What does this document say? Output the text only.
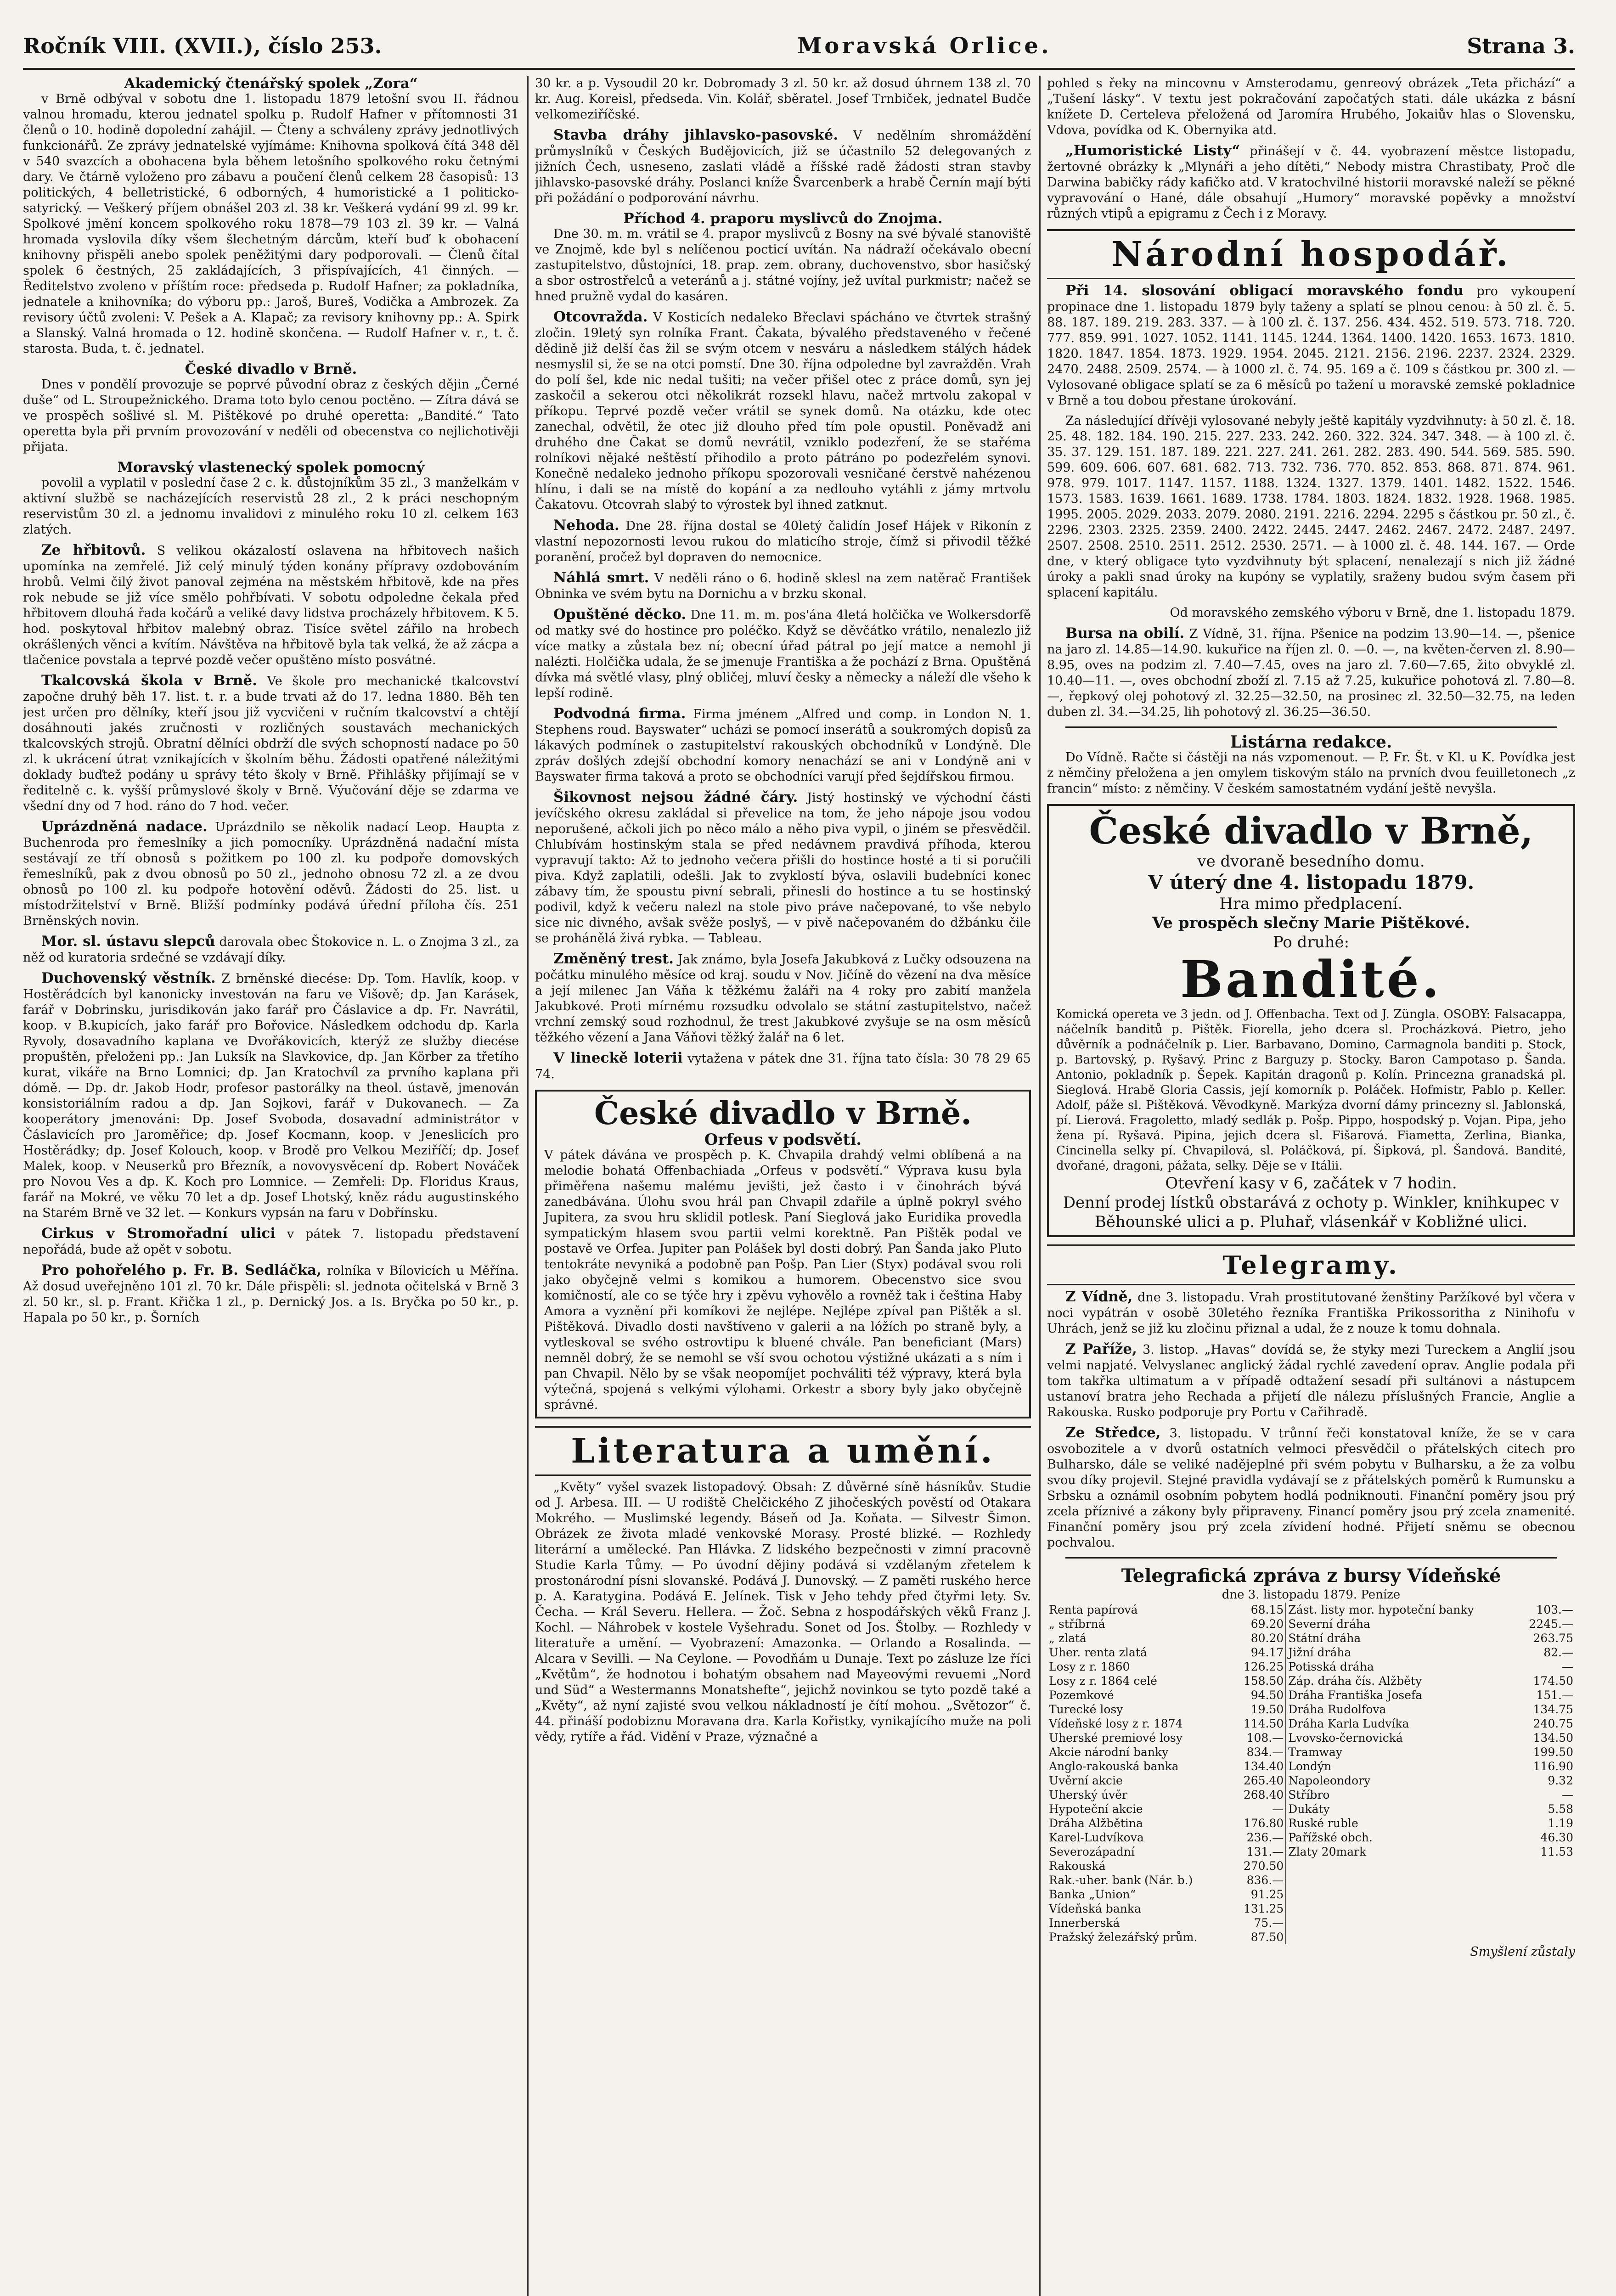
Ročník VIII. (XVII.), číslo 253.	Moravská Orlice.	Strana 3.
Akademický čtenářský spolek „Zora“

v Brně odbýval v sobotu dne 1. listopadu 1879 letošní svou II. řádnou valnou hromadu, kterou jednatel spolku p. Rudolf Hafner v přítomnosti 31 členů o 10. hodině dopolední zahájil. — Čteny a schváleny zprávy jednotlivých funkcionářů. Ze zprávy jednatelské vyjímáme: Knihovna spolková čítá 348 děl v 540 svazcích a obohacena byla během letošního spolkového roku četnými dary. Ve čtárně vyloženo pro zábavu a poučení členů celkem 28 časopisů: 13 politických, 4 belletristické, 6 odborných, 4 humoristické a 1 politicko-satyrický. — Veškerý příjem obnášel 203 zl. 38 kr. Veškerá vydání 99 zl. 99 kr. Spolkové jmění koncem spolkového roku 1878—79 103 zl. 39 kr. — Valná hromada vyslovila díky všem šlechetným dárcům, kteří buď k obohacení knihovny přispěli anebo spolek peněžitými dary podporovali. — Členů čítal spolek 6 čestných, 25 zakládajících, 3 přispívajících, 41 činných. — Ředitelstvo zvoleno v příštím roce: předseda p. Rudolf Hafner; za pokladníka, jednatele a knihovníka; do výboru pp.: Jaroš, Bureš, Vodička a Ambrozek. Za revisory účtů zvoleni: V. Pešek a A. Klapač; za revisory knihovny pp.: A. Spirk a Slanský. Valná hromada o 12. hodině skončena. — Rudolf Hafner v. r., t. č. starosta. Buda, t. č. jednatel.

České divadlo v Brně.

Dnes v pondělí provozuje se poprvé původní obraz z českých dějin „Černé duše“ od L. Stroupežnického. Drama toto bylo cenou poctěno. — Zítra dává se ve prospěch sošlivé sl. M. Pištěkové po druhé operetta: „Bandité.“ Tato operetta byla při prvním provozování v neděli od obecenstva co nejlichotivěji přijata.

Moravský vlastenecký spolek pomocný

povolil a vyplatil v poslední čase 2 c. k. důstojníkům 35 zl., 3 manželkám v aktivní službě se nacházejících reservistů 28 zl., 2 k práci neschopným reservistům 30 zl. a jednomu invalidovi z minulého roku 10 zl. celkem 163 zlatých.

Ze hřbitovů. S velikou okázalostí oslavena na hřbitovech našich upomínka na zemřelé. Již celý minulý týden konány přípravy ozdobováním hrobů. Velmi čilý život panoval zejména na městském hřbitově, kde na přes rok nebude se již více smělo pohřbívati. V sobotu odpoledne čekala před hřbitovem dlouhá řada kočárů a veliké davy lidstva procházely hřbitovem. K 5. hod. poskytoval hřbitov malebný obraz. Tisíce světel zářilo na hrobech okrášlených věnci a kvítím. Návštěva na hřbitově byla tak velká, že až zácpa a tlačenice povstala a teprvé pozdě večer opuštěno místo posvátné.

Tkalcovská škola v Brně. Ve škole pro mechanické tkalcovství započne druhý běh 17. list. t. r. a bude trvati až do 17. ledna 1880. Běh ten jest určen pro dělníky, kteří jsou již vycvičeni v ručním tkalcovství a chtějí dosáhnouti jakés zručnosti v rozličných soustavách mechanických tkalcovských strojů. Obratní dělníci obdrží dle svých schopností nadace po 50 zl. k ukrácení útrat vznikajících v školním běhu. Žádosti opatřené náležitými doklady buďtež podány u správy této školy v Brně. Přihlášky přijímají se v ředitelně c. k. vyšší průmyslové školy v Brně. Výučování děje se zdarma ve všední dny od 7 hod. ráno do 7 hod. večer.

Uprázdněná nadace. Uprázdnilo se několik nadací Leop. Haupta z Buchenroda pro řemeslníky a jich pomocníky. Uprázdněná nadační místa sestávají ze tří obnosů s požitkem po 100 zl. ku podpoře domovských řemeslníků, pak z dvou obnosů po 50 zl., jednoho obnosu 72 zl. a ze dvou obnosů po 100 zl. ku podpoře hotovění oděvů. Žádosti do 25. list. u místodržitelství v Brně. Bližší podmínky podává úřední příloha čís. 251 Brněnských novin.

Mor. sl. ústavu slepců darovala obec Štokovice n. L. o Znojma 3 zl., za něž od kuratoria srdečné se vzdávají díky.

Duchovenský věstník. Z brněnské diecése: Dp. Tom. Havlík, koop. v Hostěrádcích byl kanonicky investován na faru ve Višově; dp. Jan Karásek, farář v Dobrinsku, jurisdikován jako farář pro Čáslavice a dp. Fr. Navrátil, koop. v B.kupicích, jako farář pro Bořovice. Následkem odchodu dp. Karla Ryvoly, dosavadního kaplana ve Dvořákovicích, kterýž ze služby diecése propuštěn, přeloženi pp.: Jan Luksík na Slavkovice, dp. Jan Körber za třetího kurat, vikáře na Brno Lomnici; dp. Jan Kratochvíl za prvního kaplana při dómě. — Dp. dr. Jakob Hodr, profesor pastorálky na theol. ústavě, jmenován konsistoriálním radou a dp. Jan Sojkovi, farář v Dukovanech. — Za kooperátory jmenováni: Dp. Josef Svoboda, dosavadní administrátor v Čáslavicích pro Jaroměřice; dp. Josef Kocmann, koop. v Jeneslicích pro Hostěrádky; dp. Josef Kolouch, koop. v Brodě pro Velkou Meziříčí; dp. Josef Malek, koop. v Neuserků pro Březník, a novovysvěcení dp. Robert Nováček pro Novou Ves a dp. K. Koch pro Lomnice. — Zemřeli: Dp. Floridus Kraus, farář na Mokré, ve věku 70 let a dp. Josef Lhotský, kněz rádu augustinského na Starém Brně ve 32 let. — Konkurs vypsán na faru v Dobřínsku.

Cirkus v Stromořadní ulici v pátek 7. listopadu představení nepořádá, bude až opět v sobotu.

Pro pohořelého p. Fr. B. Sedláčka, rolníka v Bílovicích u Měřína. Až dosud uveřejněno 101 zl. 70 kr. Dále přispěli: sl. jednota očitelská v Brně 3 zl. 50 kr., sl. p. Frant. Křička 1 zl., p. Dernický Jos. a Is. Bryčka po 50 kr., p. Hapala po 50 kr., p. Šorních

30 kr. a p. Vysoudil 20 kr. Dobromady 3 zl. 50 kr. až dosud úhrnem 138 zl. 70 kr. Aug. Koreisl, předseda. Vin. Kolář, sběratel. Josef Trnbiček, jednatel Budče velkomeziříčské.

Stavba dráhy jihlavsko-pasovské. V nedělním shromáždění průmyslníků v Českých Budějovicích, již se účastnilo 52 delegovaných z jižních Čech, usneseno, zaslati vládě a říšské radě žádosti stran stavby jihlavsko-pasovské dráhy. Poslanci kníže Švarcenberk a hrabě Černín mají býti při požádání o podporování návrhu.

Příchod 4. praporu myslivců do Znojma.

Dne 30. m. m. vrátil se 4. prapor myslivců z Bosny na své bývalé stanoviště ve Znojmě, kde byl s nelíčenou pocticí uvítán. Na nádraží očekávalo obecní zastupitelstvo, důstojníci, 18. prap. zem. obrany, duchovenstvo, sbor hasičský a sbor ostrostřelců a veteránů a j. státné vojíny, jež uvítal purkmistr; načež se hned pružně vydal do kasáren.

Otcovražda. V Kosticích nedaleko Břeclavi spácháno ve čtvrtek strašný zločin. 19letý syn rolníka Frant. Čakata, bývalého představeného v řečené dědině již delší čas žil se svým otcem v nesváru a následkem stálých hádek nesmyslil si, že se na otci pomstí. Dne 30. října odpoledne byl zavražděn. Vrah do polí šel, kde nic nedal tušiti; na večer přišel otec z práce domů, syn jej zaskočil a sekerou otci několikrát rozsekl hlavu, načež mrtvolu zakopal v příkopu. Teprvé pozdě večer vrátil se synek domů. Na otázku, kde otec zanechal, odvětil, že otec již dlouho před tím pole opustil. Poněvadž ani druhého dne Čakat se domů nevrátil, vzniklo podezření, že se stařéma rolníkovi nějaké neštěstí přihodilo a proto pátráno po podezřelém synovi. Konečně nedaleko jednoho příkopu spozorovali vesničané čerstvě nahézenou hlínu, i dali se na místě do kopání a za nedlouho vytáhli z jámy mrtvolu Čakatovu. Otcovrah slabý to výrostek byl ihned zatknut.

Nehoda. Dne 28. října dostal se 40letý čalidín Josef Hájek v Rikonín z vlastní nepozornosti levou rukou do mlaticího stroje, čímž si přivodil těžké poranění, pročež byl dopraven do nemocnice.

Náhlá smrt. V neděli ráno o 6. hodině sklesl na zem natěrač František Obninka ve svém bytu na Dornichu a v brzku skonal.

Opuštěné děcko. Dne 11. m. m. pos'ána 4letá holčička ve Wolkersdorfě od matky své do hostince pro poléčko. Když se děvčátko vrátilo, nenalezlo již více matky a zůstala bez ní; obecní úřad pátral po její matce a nemohl ji nalézti. Holčička udala, že se jmenuje Františka a že pochází z Brna. Opuštěná dívka má světlé vlasy, plný obličej, mluví česky a německy a náleží dle všeho k lepší rodině.

Podvodná firma. Firma jménem „Alfred und comp. in London N. 1. Stephens roud. Bayswater“ ucházi se pomocí inserátů a soukromých dopisů za lákavých podmínek o zastupitelství rakouských obchodníků v Londýně. Dle zpráv došlých zdejší obchodní komory nenachází se ani v Londýně ani v Bayswater firma taková a proto se obchodníci varují před šejdířskou firmou.

Šikovnost nejsou žádné čáry. Jistý hostinský ve východní části jevíčského okresu zakládal si převelice na tom, že jeho nápoje jsou vodou neporušené, ačkoli jich po něco málo a něho piva vypil, o jiném se přesvědčil. Chlubívám hostinským stala se před nedávnem pravdivá příhoda, kterou vypravují takto: Až to jednoho večera přišli do hostince hosté a ti si poručili piva. Když zaplatili, odešli. Jak to zvyklostí býva, oslavili budebníci konec zábavy tím, že spoustu pivní sebrali, přinesli do hostince a tu se hostinský podivil, když k večeru nalezl na stole pivo práve načepované, to vše nebylo sice nic divného, avšak svěže poslyš, — v pivě načepovaném do džbánku čile se prohánělá živá rybka. — Tableau.

Změněný trest. Jak známo, byla Josefa Jakubková z Lučky odsouzena na počátku minulého měsíce od kraj. soudu v Nov. Jičíně do vězení na dva měsíce a její milenec Jan Váňa k těžkému žaláři na 4 roky pro zabití manžela Jakubkové. Proti mírnému rozsudku odvolalo se státní zastupitelstvo, načež vrchní zemský soud rozhodnul, že trest Jakubkové zvyšuje se na osm měsíců těžkého vězení a Jana Váňovi těžký žalář na 6 let.

V lineckě loterii vytažena v pátek dne 31. října tato čísla: 30 78 29 65 74.

České divadlo v Brně.
Orfeus v podsvětí.

V pátek dávána ve prospěch p. K. Chvapila drahdý velmi oblíbená a na melodie bohatá Offenbachiada „Orfeus v podsvětí.“ Výprava kusu byla přiměřena našemu malému jevišti, jež často i v činohrách bývá zanedbávána. Úlohu svou hrál pan Chvapil zdařile a úplně pokryl svého Jupitera, za svou hru sklidil potlesk. Paní Sieglová jako Euridika provedla sympatickým hlasem svou partii velmi korektně. Pan Pištěk podal ve postavě ve Orfea. Jupiter pan Polášek byl dosti dobrý. Pan Šanda jako Pluto tentokráte nevyniká a podobně pan Pošp. Pan Lier (Styx) podával svou roli jako obyčejně velmi s komikou a humorem. Obecenstvo sice svou komičností, ale co se týče hry i zpěvu vyhovělo a rovněž tak i čeština Haby Amora a vyznění při komíkovi že nejlépe. Nejlépe zpíval pan Pištěk a sl. Pištěková. Divadlo dosti navštíveno v galerii a na lóžích po straně byly, a vytleskoval se svého ostrovtipu k bluené chvále. Pan beneficiant (Mars) nemněl dobrý, že se nemohl se vší svou ochotou výstižné ukázati a s ním i pan Chvapil. Nělo by se však neopomíjet pochváliti též výpravy, která byla výtečná, spojená s velkými výlohami. Orkestr a sbory byly jako obyčejně správné.

Literatura a umění.

„Květy“ vyšel svazek listopadový. Obsah: Z důvěrné síně hásníkův. Studie od J. Arbesa. III. — U rodiště Chelčického Z jihočeských pověstí od Otakara Mokrého. — Muslimské legendy. Báseň od Ja. Koňata. — Silvestr Šimon. Obrázek ze života mladé venkovské Morasy. Prosté blizké. — Rozhledy literární a umělecké. Pan Hlávka. Z lidského bezpečnosti v zimní pracovně Studie Karla Tůmy. — Po úvodní dějiny podává si vzdělaným zřetelem k prostonárodní písni slovanské. Podává J. Dunovský. — Z paměti ruského herce p. A. Karatygina. Podává E. Jelínek. Tisk v Jeho tehdy před čtyřmi lety. Sv. Čecha. — Král Severu. Hellera. — Žoč. Sebna z hospodářských věků Franz J. Kochl. — Náhrobek v kostele Vyšehradu. Sonet od Jos. Štolby. — Rozhledy v literatuře a umění. — Vyobrazení: Amazonka. — Orlando a Rosalinda. — Alcara v Sevilli. — Na Ceylone. — Povodňám u Dunaje. Text po zásluze lze říci „Květům“, že hodnotou i bohatým obsahem nad Mayeovými revuemi „Nord und Süd“ a Westermanns Monatshefte“, jejichž novinkou se tyto pozdě také a „Květy“, až nyní zajisté svou velkou nákladností je čítí mohou. „Světozor“ č. 44. přináší podobiznu Moravana dra. Karla Kořistky, vynikajícího muže na poli vědy, rytíře a řád. Vidění v Praze, význačné a

pohled s řeky na mincovnu v Amsterodamu, genreový obrázek „Teta přichází“ a „Tušení lásky“. V textu jest pokračování započatých stati. dále ukázka z básní knížete D. Certeleva přeložená od Jaromíra Hrubého, Jokaiův hlas o Slovensku, Vdova, povídka od K. Obernyika atd.

„Humoristické Listy“ přinášejí v č. 44. vyobrazení městce listopadu, žertovné obrázky k „Mlynáři a jeho dítěti,“ Nebody mistra Chrastibaty, Proč dle Darwina babičky rády kafičko atd. V kratochvilné historii moravské naleží se pěkné vypravování o Hané, dále obsahují „Humory“ moravské popěvky a množství různých vtipů a epigramu z Čech i z Moravy.

Národní hospodář.

Při 14. slosování obligací moravského fondu pro vykoupení propinace dne 1. listopadu 1879 byly taženy a splatí se plnou cenou: à 50 zl. č. 5. 88. 187. 189. 219. 283. 337. — à 100 zl. č. 137. 256. 434. 452. 519. 573. 718. 720. 777. 859. 991. 1027. 1052. 1141. 1145. 1244. 1364. 1400. 1420. 1653. 1673. 1810. 1820. 1847. 1854. 1873. 1929. 1954. 2045. 2121. 2156. 2196. 2237. 2324. 2329. 2470. 2488. 2509. 2574. — à 1000 zl. č. 74. 95. 169 a č. 109 s částkou pr. 300 zl. — Vylosované obligace splatí se za 6 měsíců po tažení u moravské zemské pokladnice v Brně a tou dobou přestane úrokování.

Za následující dřívěji vylosované nebyly ještě kapitály vyzdvihnuty: à 50 zl. č. 18. 25. 48. 182. 184. 190. 215. 227. 233. 242. 260. 322. 324. 347. 348. — à 100 zl. č. 35. 37. 129. 151. 187. 189. 221. 227. 241. 261. 282. 283. 490. 544. 569. 585. 590. 599. 609. 606. 607. 681. 682. 713. 732. 736. 770. 852. 853. 868. 871. 874. 961. 978. 979. 1017. 1147. 1157. 1188. 1324. 1327. 1379. 1401. 1482. 1522. 1546. 1573. 1583. 1639. 1661. 1689. 1738. 1784. 1803. 1824. 1832. 1928. 1968. 1985. 1995. 2005. 2029. 2033. 2079. 2080. 2191. 2216. 2294. 2295 s částkou pr. 50 zl., č. 2296. 2303. 2325. 2359. 2400. 2422. 2445. 2447. 2462. 2467. 2472. 2487. 2497. 2507. 2508. 2510. 2511. 2512. 2530. 2571. — à 1000 zl. č. 48. 144. 167. — Orde dne, v který obligace tyto vyzdvihnuty být splacení, nenalezají s nich již žádné úroky a pakli snad úroky na kupóny se vyplatily, sraženy budou svým časem při splacení kapitálu.

Od moravského zemského výboru v Brně, dne 1. listopadu 1879.

Bursa na obilí. Z Vídně, 31. října. Pšenice na podzim 13.90—14. —, pšenice na jaro zl. 14.85—14.90. kukuřice na říjen zl. 0. —0. —, na květen-červen zl. 8.90—8.95, oves na podzim zl. 7.40—7.45, oves na jaro zl. 7.60—7.65, žito obvyklé zl. 10.40—11. —, oves obchodní zboží zl. 7.15 až 7.25, kukuřice pohotová zl. 7.80—8. —, řepkový olej pohotový zl. 32.25—32.50, na prosinec zl. 32.50—32.75, na leden duben zl. 34.—34.25, lih pohotový zl. 36.25—36.50.

Listárna redakce.

Do Vídně. Račte si částěji na nás vzpomenout. — P. Fr. Št. v Kl. u K. Povídka jest z němčiny přeložena a jen omylem tiskovým stálo na prvních dvou feuilletonech „z francin“ místo: z němčiny. V českém samostatném vydání ještě nevyšla.

České divadlo v Brně,
ve dvoraně besedního domu.
V úterý dne 4. listopadu 1879.
Hra mimo předplacení.
Ve prospěch slečny Marie Pištěkové.
Po druhé:
Bandité.

Komická opereta ve 3 jedn. od J. Offenbacha. Text od J. Züngla. OSOBY: Falsacappa, náčelník banditů p. Pištěk. Fiorella, jeho dcera sl. Procházková. Pietro, jeho důvěrník a podnáčelník p. Lier. Barbavano, Domino, Carmagnola banditi p. Stock, p. Bartovský, p. Ryšavý. Princ z Barguzy p. Stocky. Baron Campotaso p. Šanda. Antonio, pokladník p. Šepek. Kapitán dragonů p. Kolín. Princezna granadská pl. Sieglová. Hrabě Gloria Cassis, její komorník p. Poláček. Hofmistr, Pablo p. Keller. Adolf, páže sl. Pištěková. Věvodkyně. Markýza dvorní dámy princezny sl. Jablonská, pí. Lierová. Fragoletto, mladý sedlák p. Pošp. Pippo, hospodský p. Vojan. Pipa, jeho žena pí. Ryšavá. Pipina, jejich dcera sl. Fišarová. Fiametta, Zerlina, Bianka, Cincinella selky pí. Chvapilová, sl. Poláčková, pí. Šipková, pl. Šandová. Bandité, dvořané, dragoni, pážata, selky. Děje se v Itálii.

Otevření kasy v 6, začátek v 7 hodin.
Denní prodej lístků obstarává z ochoty p. Winkler, knihkupec v Běhounské ulici a p. Pluhař, vlásenkář v Kobližné ulici.
Telegramy.

Z Vídně, dne 3. listopadu. Vrah prostitutované ženštiny Paržíkové byl včera v noci vypátrán v osobě 30letého řezníka Františka Prikossoritha z Ninihofu v Uhrách, jenž se již ku zločinu přiznal a udal, že z nouze k tomu dohnala.

Z Paříže, 3. listop. „Havas“ dovídá se, že styky mezi Tureckem a Anglií jsou velmi napjaté. Velvyslanec anglický žádal rychlé zavedení oprav. Anglie podala při tom takřka ultimatum a v případě odtažení sesadí při sultánovi a nástupcem ustanoví bratra jeho Rechada a přijetí dle nálezu příslušných Francie, Anglie a Rakouska. Rusko podporuje pry Portu v Cařihradě.

Ze Středce, 3. listopadu. V trůnní řeči konstatoval kníže, že se v cara osvobozitele a v dvorů ostatních velmoci přesvědčil o přátelských citech pro Bulharsko, dále se veliké nadějeplné při svém pobytu v Bulharsku, a že za volbu svou díky projevil. Stejné pravidla vydávají se z přátelských poměrů k Rumunsku a Srbsku a oznámil osobním pobytem hodlá podniknouti. Finanční poměry jsou prý zcela příznivé a zákony byly připraveny. Financí poměry jsou prý zcela znamenité. Finanční poměry jsou prý zcela zívidení hodné. Přijetí sněmu se obecnou pochvalou.

Telegrafická zpráva z bursy Vídeňské
dne 3. listopadu 1879. Peníze
Renta papírová	68.15	Zást. listy mor. hypoteční banky	103.—
„ stříbrná	69.20	Severní dráha	2245.—
„ zlatá	80.20	Státní dráha	263.75
Uher. renta zlatá	94.17	Jižní dráha	82.—
Losy z r. 1860	126.25	Potisská dráha	—
Losy z r. 1864 celé	158.50	Záp. dráha čís. Alžběty	174.50
Pozemkové	94.50	Dráha Františka Josefa	151.—
Turecké losy	19.50	Dráha Rudolfova	134.75
Vídeňské losy z r. 1874	114.50	Dráha Karla Ludvíka	240.75
Uherské premiové losy	108.—	Lvovsko-černovická	134.50
Akcie národní banky	834.—	Tramway	199.50
Anglo-rakouská banka	134.40	Londýn	116.90
Uvěrní akcie	265.40	Napoleondory	9.32
Uherský úvěr	268.40	Stříbro	—
Hypoteční akcie	—	Dukáty	5.58
Dráha Alžbětina	176.80	Ruské ruble	1.19
Karel-Ludvíkova	236.—	Pařížské obch.	46.30
Severozápadní	131.—	Zlaty 20mark	11.53
Rakouská	270.50		
Rak.-uher. bank (Nár. b.)	836.—		
Banka „Union“	91.25		
Vídeňská banka	131.25		
Innerberská	75.—		
Pražský železářský prům.	87.50		
Smyšlení zůstaly
